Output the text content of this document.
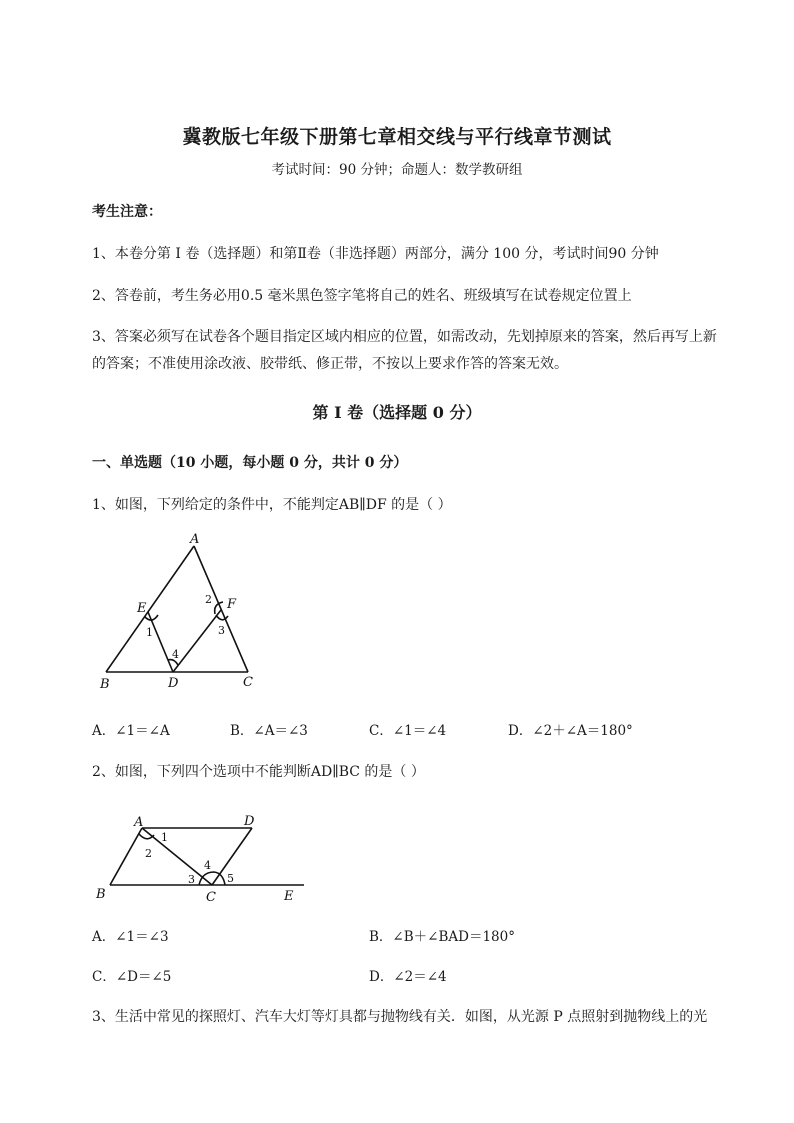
冀教版七年级下册第七章相交线与平行线章节测试
考试时间：90 分钟；命题人：数学教研组
考生注意：
1、本卷分第 I 卷（选择题）和第Ⅱ卷（非选择题）两部分，满分 100 分，考试时间90 分钟
2、答卷前，考生务必用0.5 毫米黑色签字笔将自己的姓名、班级填写在试卷规定位置上
3、答案必须写在试卷各个题目指定区域内相应的位置，如需改动，先划掉原来的答案，然后再写上新
的答案；不准使用涂改液、胶带纸、修正带，不按以上要求作答的答案无效。
第 I 卷（选择题 0 分）
一、单选题（10 小题，每小题 0 分，共计 0 分）
1、如图，下列给定的条件中，不能判定AB∥DF 的是（ ）
A
B	C
D
E	F
1
2
3
4
A．∠1＝∠A	B．∠A＝∠3	C．∠1＝∠4	D．∠2＋∠A＝180°
2、如图，下列四个选项中不能判断AD∥BC 的是（ ）
A
B	C
D
E
1
2
3
4
5
A．∠1＝∠3	B．∠B＋∠BAD＝180°
C．∠D＝∠5	D．∠2＝∠4
3、生活中常见的探照灯、汽车大灯等灯具都与抛物线有关．如图，从光源 P 点照射到抛物线上的光
